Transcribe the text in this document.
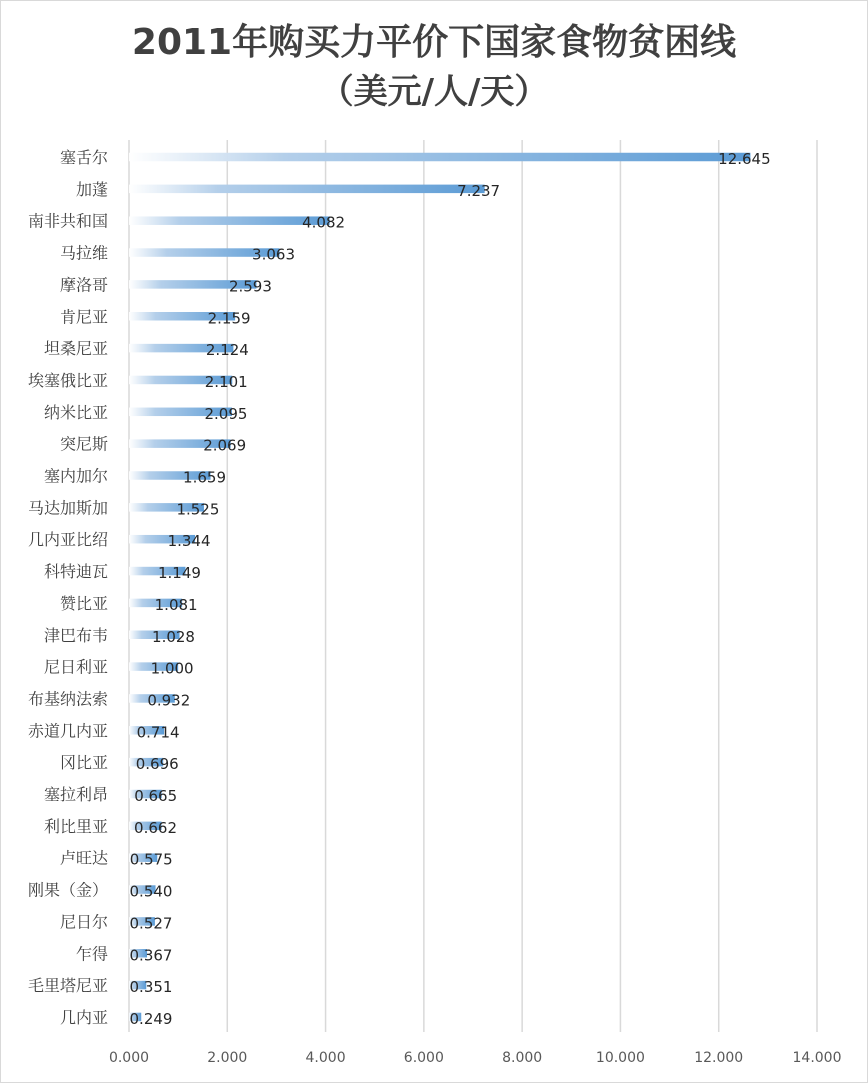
2011年购买力平价下国家食物贫困线
（美元/人/天）
塞舌尔
加蓬
南非共和国
马拉维
摩洛哥
肯尼亚
坦桑尼亚
埃塞俄比亚
纳米比亚
突尼斯
塞内加尔
马达加斯加
几内亚比绍
科特迪瓦
赞比亚
津巴布韦
尼日利亚
布基纳法索
赤道几内亚
冈比亚
塞拉利昂
利比里亚
卢旺达
刚果（金）
尼日尔
乍得
毛里塔尼亚
几内亚
12.645
7.237
4.082
3.063
2.593
2.159
2.124
2.101
2.095
2.069
1.659
1.525
1.344
1.149
1.081
1.028
1.000
0.932
0.714
0.696
0.665
0.662
0.575
0.540
0.527
0.367
0.351
0.249
0.000	2.000	4.000	6.000	8.000	10.000	12.000	14.000
